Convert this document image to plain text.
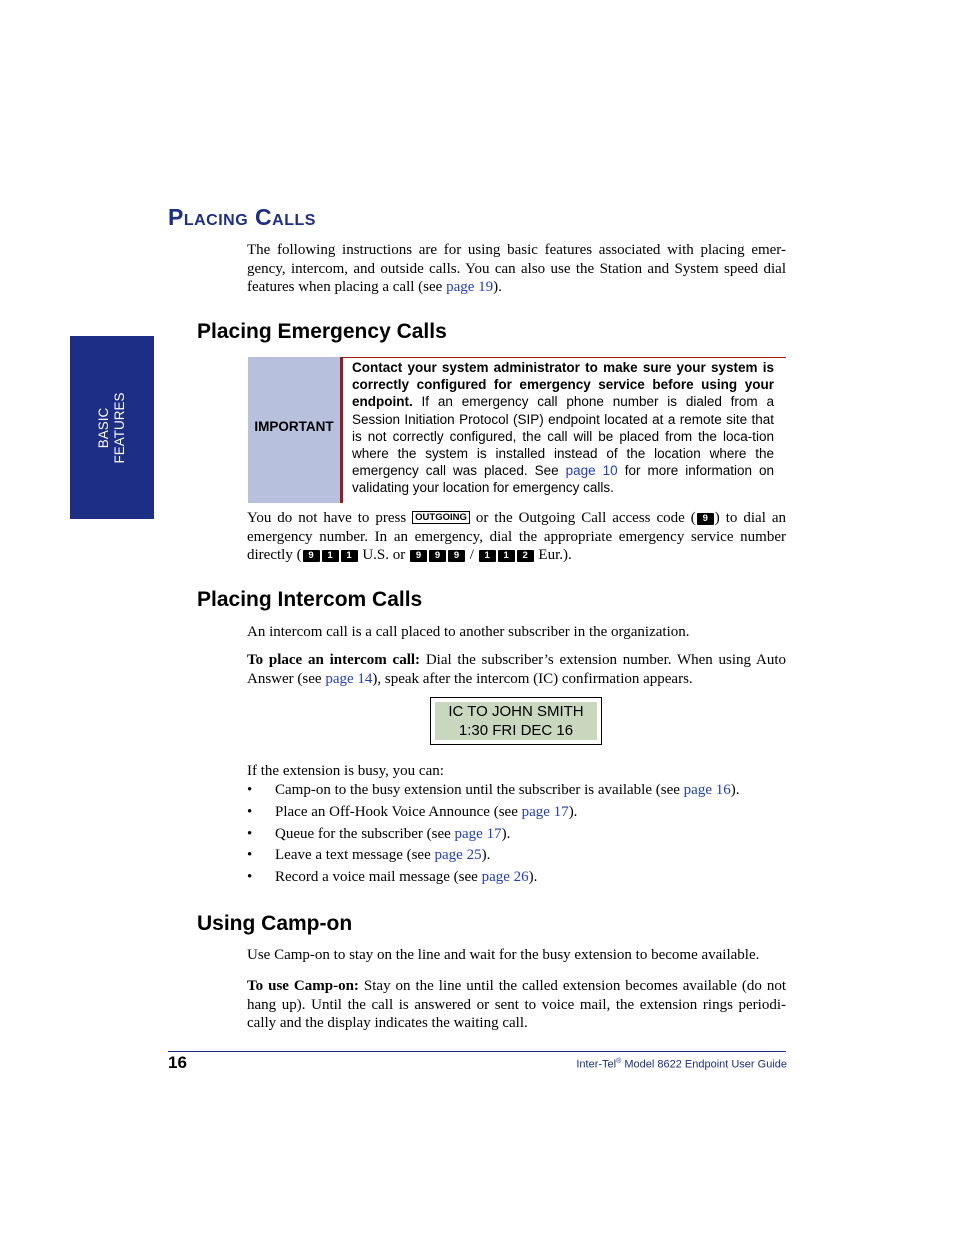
BASIC
FEATURES
Placing Calls

The following instructions are for using basic features associated with placing emer-gency, intercom, and outside calls. You can also use the Station and System speed dial features when placing a call (see page 19).

Placing Emergency Calls
IMPORTANT

Contact your system administrator to make sure your system is correctly configured for emergency service before using your endpoint. If an emergency call phone number is dialed from a Session Initiation Protocol (SIP) endpoint located at a remote site that is not correctly configured, the call will be placed from the loca-tion where the system is installed instead of the location where the emergency call was placed. See page 10 for more information on validating your location for emergency calls.

You do not have to press OUTGOING or the Outgoing Call access code ( 9 ) to dial an emergency number. In an emergency, dial the appropriate emergency service number directly ( 9 1 1 U.S. or 9 9 9 / 1 1 2 Eur.).

Placing Intercom Calls

An intercom call is a call placed to another subscriber in the organization.

To place an intercom call: Dial the subscriber’s extension number. When using Auto Answer (see page 14), speak after the intercom (IC) confirmation appears.

IC TO JOHN SMITH
1:30 FRI DEC 16

If the extension is busy, you can:

• Camp-on to the busy extension until the subscriber is available (see page 16).
• Place an Off-Hook Voice Announce (see page 17).
• Queue for the subscriber (see page 17).
• Leave a text message (see page 25).
• Record a voice mail message (see page 26).
Using Camp-on

Use Camp-on to stay on the line and wait for the busy extension to become available.

To use Camp-on: Stay on the line until the called extension becomes available (do not hang up). Until the call is answered or sent to voice mail, the extension rings periodi-cally and the display indicates the waiting call.

16	Inter-Tel® Model 8622 Endpoint User Guide
